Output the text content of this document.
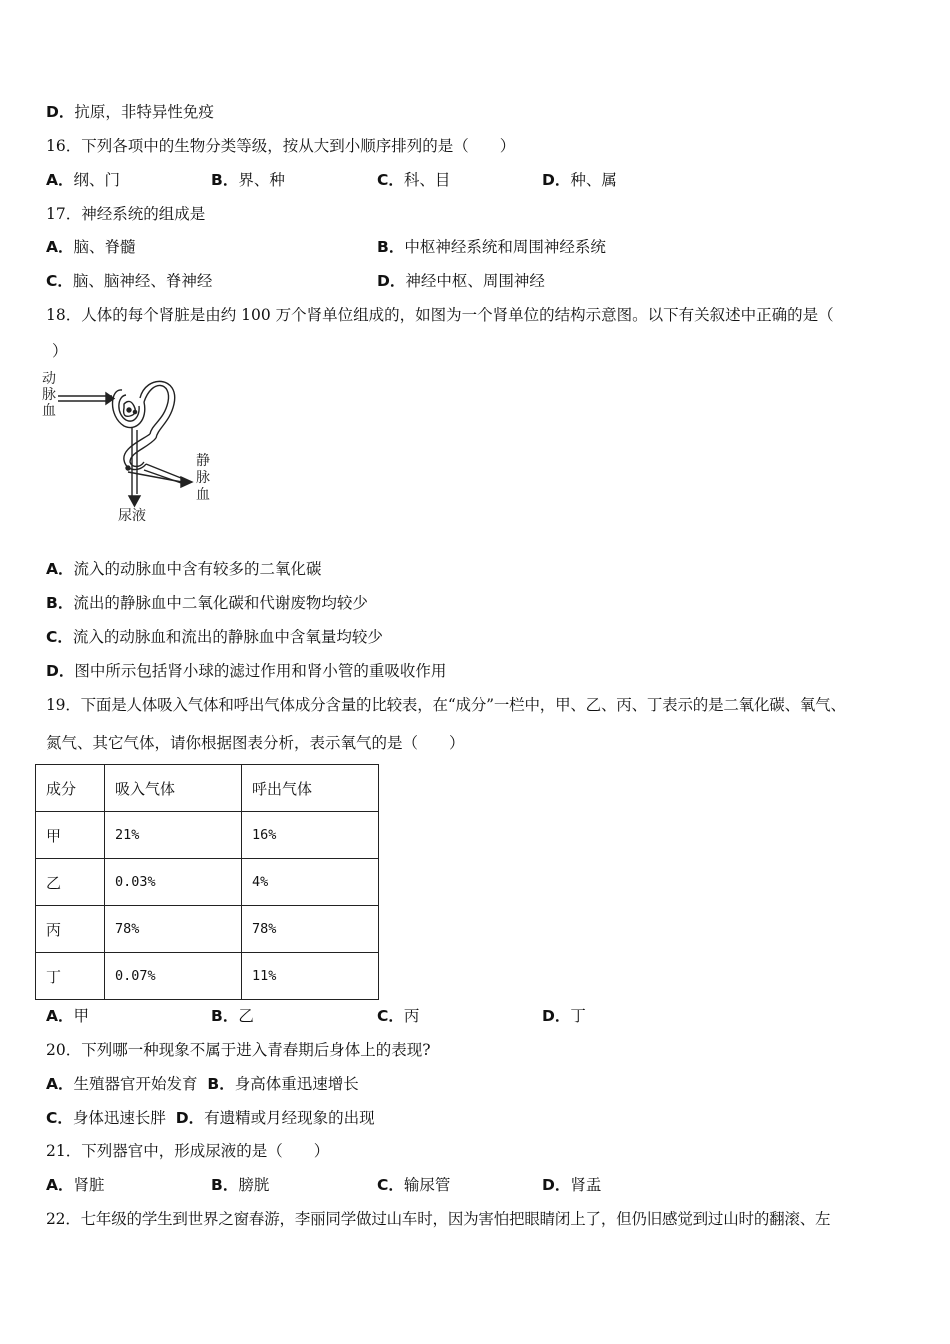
D．抗原，非特异性免疫
16．下列各项中的生物分类等级，按从大到小顺序排列的是（　　）
A．纲、门	B．界、种	C．科、目	D．种、属
17．神经系统的组成是
A．脑、脊髓	B．中枢神经系统和周围神经系统
C．脑、脑神经、脊神经	D．神经中枢、周围神经
18．人体的每个肾脏是由约 100 万个肾单位组成的，如图为一个肾单位的结构示意图。以下有关叙述中正确的是（
）
动
脉
血
静
脉
血
尿液
A．流入的动脉血中含有较多的二氧化碳
B．流出的静脉血中二氧化碳和代谢废物均较少
C．流入的动脉血和流出的静脉血中含氧量均较少
D．图中所示包括肾小球的滤过作用和肾小管的重吸收作用
19．下面是人体吸入气体和呼出气体成分含量的比较表，在“成分”一栏中，甲、乙、丙、丁表示的是二氧化碳、氧气、
氮气、其它气体，请你根据图表分析，表示氧气的是（　　）
成分	吸入气体	呼出气体
甲	21%	16%
乙	0.03%	4%
丙	78%	78%
丁	0.07%	11%
A．甲	B．乙	C．丙	D．丁
20．下列哪一种现象不属于进入青春期后身体上的表现?
A．生殖器官开始发育 B．身高体重迅速增长
C．身体迅速长胖 D．有遗精或月经现象的出现
21．下列器官中，形成尿液的是（　　）
A．肾脏	B．膀胱	C．输尿管	D．肾盂
22．七年级的学生到世界之窗春游，李丽同学做过山车时，因为害怕把眼睛闭上了，但仍旧感觉到过山时的翻滚、左
